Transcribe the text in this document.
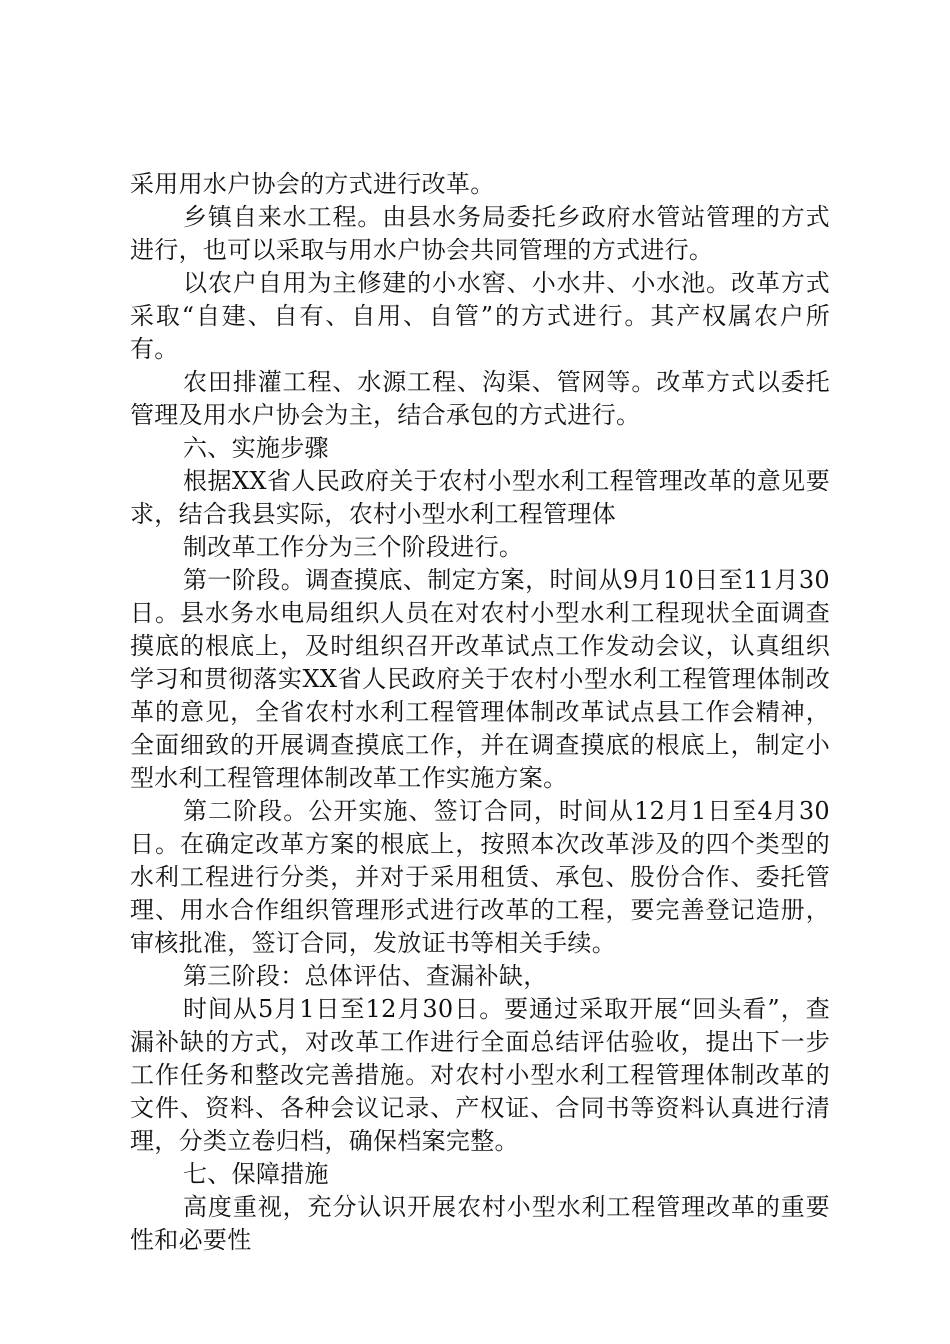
采用用水户协会的方式进行改革。

乡镇自来水工程。由县水务局委托乡政府水管站管理的方式进行，也可以采取与用水户协会共同管理的方式进行。

以农户自用为主修建的小水窖、小水井、小水池。改革方式采取“自建、自有、自用、自管”的方式进行。其产权属农户所有。

农田排灌工程、水源工程、沟渠、管网等。改革方式以委托管理及用水户协会为主，结合承包的方式进行。

六、实施步骤

根据XX省人民政府关于农村小型水利工程管理改革的意见要求，结合我县实际，农村小型水利工程管理体

制改革工作分为三个阶段进行。

第一阶段。调查摸底、制定方案，时间从9月10日至11月30日。县水务水电局组织人员在对农村小型水利工程现状全面调查摸底的根底上，及时组织召开改革试点工作发动会议，认真组织学习和贯彻落实XX省人民政府关于农村小型水利工程管理体制改革的意见，全省农村水利工程管理体制改革试点县工作会精神，全面细致的开展调查摸底工作，并在调查摸底的根底上，制定小型水利工程管理体制改革工作实施方案。

第二阶段。公开实施、签订合同，时间从12月1日至4月30日。在确定改革方案的根底上，按照本次改革涉及的四个类型的水利工程进行分类，并对于采用租赁、承包、股份合作、委托管理、用水合作组织管理形式进行改革的工程，要完善登记造册，审核批准，签订合同，发放证书等相关手续。

第三阶段：总体评估、查漏补缺，

时间从5月1日至12月30日。要通过采取开展“回头看”，查漏补缺的方式，对改革工作进行全面总结评估验收，提出下一步工作任务和整改完善措施。对农村小型水利工程管理体制改革的文件、资料、各种会议记录、产权证、合同书等资料认真进行清理，分类立卷归档，确保档案完整。

七、保障措施

高度重视，充分认识开展农村小型水利工程管理改革的重要性和必要性
